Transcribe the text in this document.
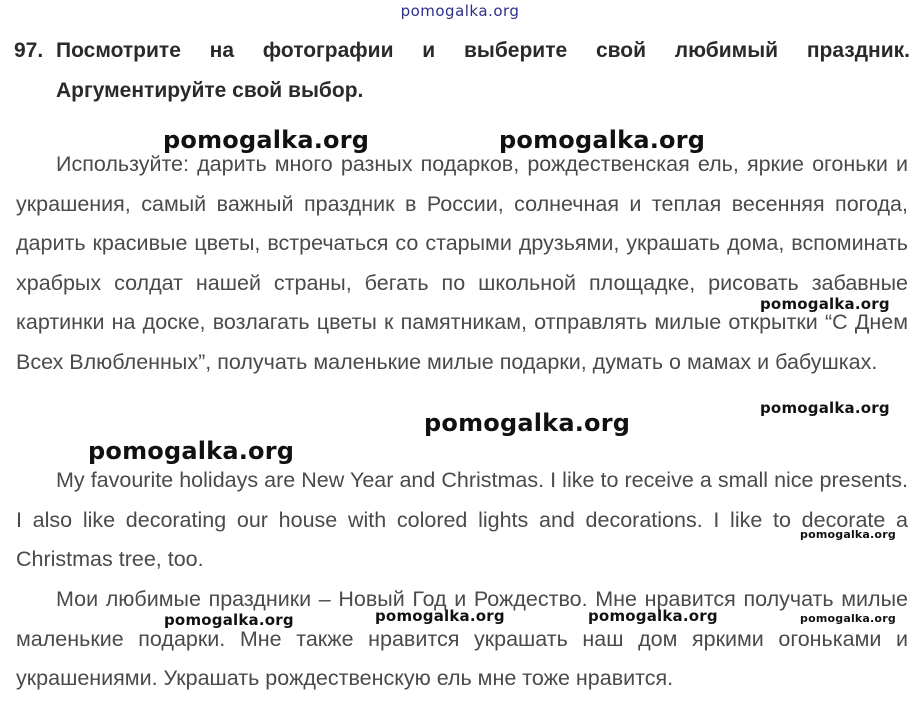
pomogalka.org
97. Посмотрите на фотографии и выберите свой любимый праздник.
Аргументируйте свой выбор.
Используйте: дарить много разных подарков, рождественская ель, яркие огоньки и украшения, самый важный праздник в России, солнечная и теплая весенняя погода, дарить красивые цветы, встречаться со старыми друзьями, украшать дома, вспоминать храбрых солдат нашей страны, бегать по школьной площадке, рисовать забавные картинки на доске, возлагать цветы к памятникам, отправлять милые открытки “С Днем Всех Влюбленных”, получать маленькие милые подарки, думать о мамах и бабушках.
My favourite holidays are New Year and Christmas. I like to receive a small nice presents. I also like decorating our house with colored lights and decorations. I like to decorate a Christmas tree, too.
Мои любимые праздники – Новый Год и Рождество. Мне нравится получать милые маленькие подарки. Мне также нравится украшать наш дом яркими огоньками и украшениями. Украшать рождественскую ель мне тоже нравится.
pomogalka.org	pomogalka.org
pomogalka.org
pomogalka.org
pomogalka.org
pomogalka.org
pomogalka.org
pomogalka.org	pomogalka.org	pomogalka.org	pomogalka.org
